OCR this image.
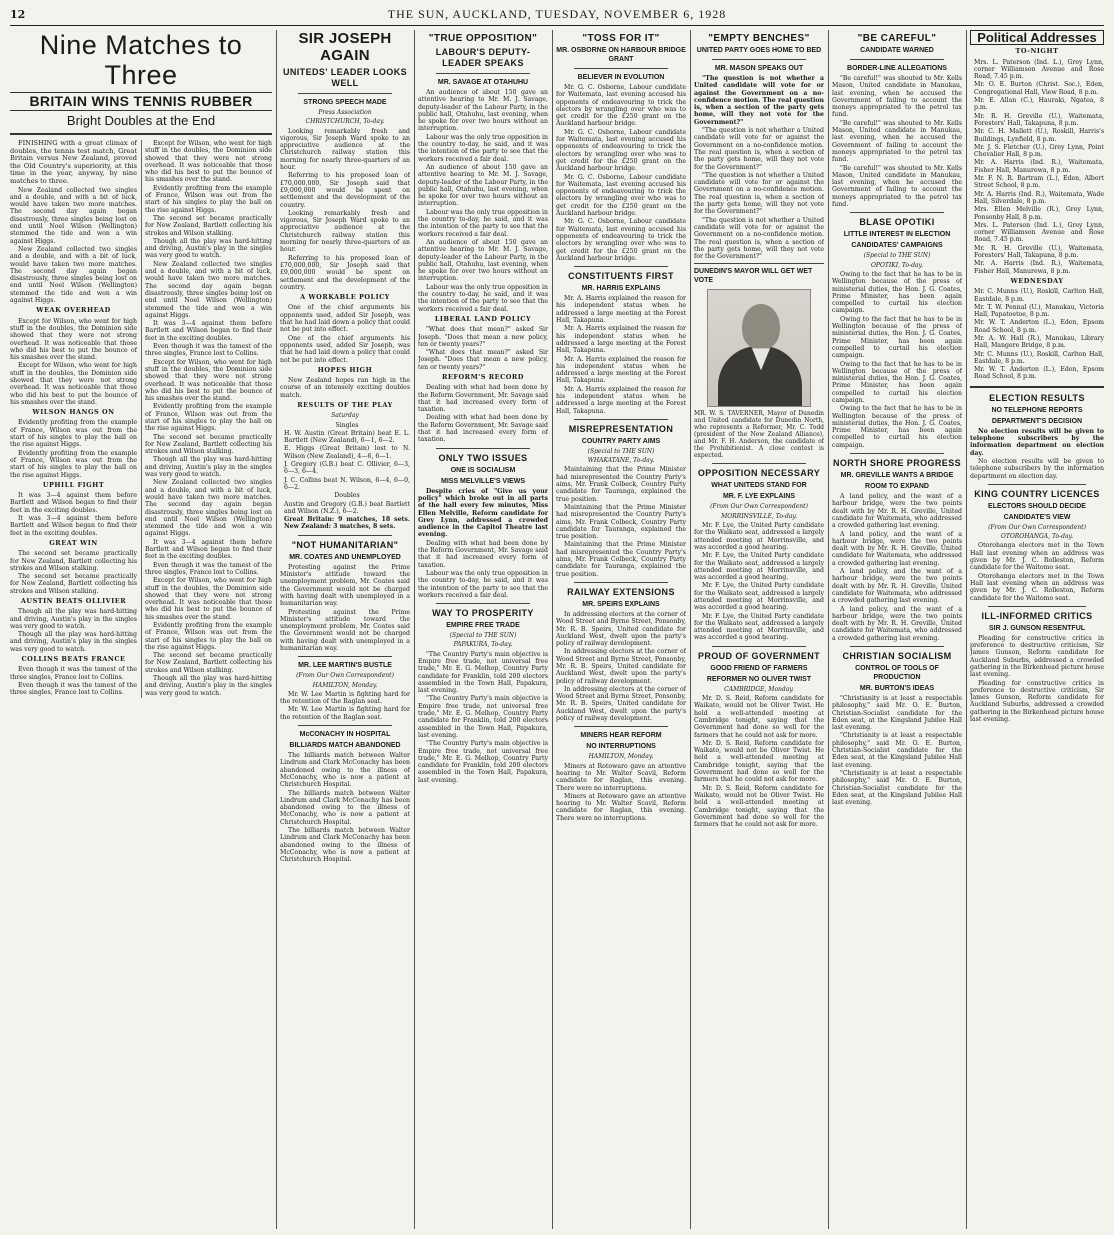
12	THE SUN, AUCKLAND, TUESDAY, NOVEMBER 6, 1928
Nine Matches to Three
BRITAIN WINS TENNIS RUBBER
Bright Doubles at the End

FINISHING with a great climax of doubles, the tennis test match, Great Britain versus New Zealand, proved the Old Country's superiority, at this time in the year, anyway, by nine matches to three.

New Zealand collected two singles and a double, and with a bit of luck, would have taken two more matches. The second day again began disastrously, three singles being lost on end until Noel Wilson (Wellington) stemmed the tide and won a win against Higgs.

New Zealand collected two singles and a double, and with a bit of luck, would have taken two more matches. The second day again began disastrously, three singles being lost on end until Noel Wilson (Wellington) stemmed the tide and won a win against Higgs.

WEAK OVERHEAD

Except for Wilson, who went for high stuff in the doubles, the Dominion side showed that they were not strong overhead. It was noticeable that those who did his best to put the bounce of his smashes over the stand.

Except for Wilson, who went for high stuff in the doubles, the Dominion side showed that they were not strong overhead. It was noticeable that those who did his best to put the bounce of his smashes over the stand.

WILSON HANGS ON

Evidently profiting from the example of France, Wilson was out from the start of his singles to play the ball on the rise against Higgs.

Evidently profiting from the example of France, Wilson was out from the start of his singles to play the ball on the rise against Higgs.

UPHILL FIGHT

It was 3—4 against them before Bartlett and Wilson began to find their feet in the exciting doubles.

It was 3—4 against them before Bartlett and Wilson began to find their feet in the exciting doubles.

GREAT WIN

The second set became practically for New Zealand, Bartlett collecting his strokes and Wilson stalking.

The second set became practically for New Zealand, Bartlett collecting his strokes and Wilson stalking.

AUSTIN BEATS OLLIVIER

Though all the play was hard-hitting and driving, Austin's play in the singles was very good to watch.

Though all the play was hard-hitting and driving, Austin's play in the singles was very good to watch.

COLLINS BEATS FRANCE

Even though it was the tamest of the three singles, France lost to Collins.

Even though it was the tamest of the three singles, France lost to Collins.

Except for Wilson, who went for high stuff in the doubles, the Dominion side showed that they were not strong overhead. It was noticeable that those who did his best to put the bounce of his smashes over the stand.

Evidently profiting from the example of France, Wilson was out from the start of his singles to play the ball on the rise against Higgs.

The second set became practically for New Zealand, Bartlett collecting his strokes and Wilson stalking.

Though all the play was hard-hitting and driving, Austin's play in the singles was very good to watch.

New Zealand collected two singles and a double, and with a bit of luck, would have taken two more matches. The second day again began disastrously, three singles being lost on end until Noel Wilson (Wellington) stemmed the tide and won a win against Higgs.

It was 3—4 against them before Bartlett and Wilson began to find their feet in the exciting doubles.

Even though it was the tamest of the three singles, France lost to Collins.

Except for Wilson, who went for high stuff in the doubles, the Dominion side showed that they were not strong overhead. It was noticeable that those who did his best to put the bounce of his smashes over the stand.

Evidently profiting from the example of France, Wilson was out from the start of his singles to play the ball on the rise against Higgs.

The second set became practically for New Zealand, Bartlett collecting his strokes and Wilson stalking.

Though all the play was hard-hitting and driving, Austin's play in the singles was very good to watch.

New Zealand collected two singles and a double, and with a bit of luck, would have taken two more matches. The second day again began disastrously, three singles being lost on end until Noel Wilson (Wellington) stemmed the tide and won a win against Higgs.

It was 3—4 against them before Bartlett and Wilson began to find their feet in the exciting doubles.

Even though it was the tamest of the three singles, France lost to Collins.

Except for Wilson, who went for high stuff in the doubles, the Dominion side showed that they were not strong overhead. It was noticeable that those who did his best to put the bounce of his smashes over the stand.

Evidently profiting from the example of France, Wilson was out from the start of his singles to play the ball on the rise against Higgs.

The second set became practically for New Zealand, Bartlett collecting his strokes and Wilson stalking.

Though all the play was hard-hitting and driving, Austin's play in the singles was very good to watch.

SIR JOSEPH AGAIN
UNITEDS' LEADER LOOKS WELL
STRONG SPEECH MADE
Press Association
CHRISTCHURCH, To-day.

Looking remarkably fresh and vigorous, Sir Joseph Ward spoke to an appreciative audience at the Christchurch railway station this morning for nearly three-quarters of an hour.

Referring to his proposed loan of £70,000,000, Sir Joseph said that £9,000,000 would be spent on settlement and the development of the country.

Looking remarkably fresh and vigorous, Sir Joseph Ward spoke to an appreciative audience at the Christchurch railway station this morning for nearly three-quarters of an hour.

Referring to his proposed loan of £70,000,000, Sir Joseph said that £9,000,000 would be spent on settlement and the development of the country.

A WORKABLE POLICY

One of the chief arguments his opponents used, added Sir Joseph, was that he had laid down a policy that could not be put into effect.

One of the chief arguments his opponents used, added Sir Joseph, was that he had laid down a policy that could not be put into effect.

HOPES HIGH

New Zealand hopes ran high in the course of an intensely exciting doubles match.

RESULTS OF THE PLAY
Saturday

Singles

H. W. Austin (Great Britain) beat E. L. Bartlett (New Zealand), 6—1, 6—2.

E. Higgs (Great Britain) lost to N. Wilson (New Zealand), 4—6, 6—1.

J. Gregory (G.B.) beat C. Ollivier, 6—3, 6—3, 6—4.

J. C. Collins beat N. Wilson, 6—4, 6—0, 6—2.

Doubles

Austin and Gregory (G.B.) beat Bartlett and Wilson (N.Z.), 6—2.

Great Britain: 9 matches, 18 sets. New Zealand: 3 matches, 8 sets.

"NOT HUMANITARIAN"
MR. COATES AND UNEMPLOYED

Protesting against the Prime Minister's attitude toward the unemployment problem, Mr. Coates said the Government would not be charged with having dealt with unemployed in a humanitarian way.

Protesting against the Prime Minister's attitude toward the unemployment problem, Mr. Coates said the Government would not be charged with having dealt with unemployed in a humanitarian way.

MR. LEE MARTIN'S BUSTLE
(From Our Own Correspondent)
HAMILTON, Monday.

Mr. W. Lee Martin is fighting hard for the retention of the Raglan seat.

Mr. W. Lee Martin is fighting hard for the retention of the Raglan seat.

McCONACHY IN HOSPITAL
BILLIARDS MATCH ABANDONED

The billiards match between Walter Lindrum and Clark McConachy has been abandoned owing to the illness of McConachy, who is now a patient at Christchurch Hospital.

The billiards match between Walter Lindrum and Clark McConachy has been abandoned owing to the illness of McConachy, who is now a patient at Christchurch Hospital.

The billiards match between Walter Lindrum and Clark McConachy has been abandoned owing to the illness of McConachy, who is now a patient at Christchurch Hospital.

"TRUE OPPOSITION"
LABOUR'S DEPUTY-LEADER SPEAKS
MR. SAVAGE AT OTAHUHU

An audience of about 150 gave an attentive hearing to Mr. M. J. Savage, deputy-leader of the Labour Party, in the public hall, Otahuhu, last evening, when he spoke for over two hours without an interruption.

Labour was the only true opposition in the country to-day, he said, and it was the intention of the party to see that the workers received a fair deal.

An audience of about 150 gave an attentive hearing to Mr. M. J. Savage, deputy-leader of the Labour Party, in the public hall, Otahuhu, last evening, when he spoke for over two hours without an interruption.

Labour was the only true opposition in the country to-day, he said, and it was the intention of the party to see that the workers received a fair deal.

An audience of about 150 gave an attentive hearing to Mr. M. J. Savage, deputy-leader of the Labour Party, in the public hall, Otahuhu, last evening, when he spoke for over two hours without an interruption.

Labour was the only true opposition in the country to-day, he said, and it was the intention of the party to see that the workers received a fair deal.

LIBERAL LAND POLICY

"What does that mean?" asked Sir Joseph. "Does that mean a new policy, ten or twenty years?"

"What does that mean?" asked Sir Joseph. "Does that mean a new policy, ten or twenty years?"

REFORM'S RECORD

Dealing with what had been done by the Reform Government, Mr. Savage said that it had increased every form of taxation.

Dealing with what had been done by the Reform Government, Mr. Savage said that it had increased every form of taxation.

ONLY TWO ISSUES
ONE IS SOCIALISM
MISS MELVILLE'S VIEWS

Despite cries of "Give us your policy" which broke out in all parts of the hall every few minutes, Miss Ellen Melville, Reform candidate for Grey Lynn, addressed a crowded audience in the Capitol Theatre last evening.

Dealing with what had been done by the Reform Government, Mr. Savage said that it had increased every form of taxation.

Labour was the only true opposition in the country to-day, he said, and it was the intention of the party to see that the workers received a fair deal.

WAY TO PROSPERITY
EMPIRE FREE TRADE
(Special to THE SUN)
PAPAKURA, To-day.

"The Country Party's main objective is Empire free trade, not universal free trade," Mr. E. G. Melhop, Country Party candidate for Franklin, told 200 electors assembled in the Town Hall, Papakura, last evening.

"The Country Party's main objective is Empire free trade, not universal free trade," Mr. E. G. Melhop, Country Party candidate for Franklin, told 200 electors assembled in the Town Hall, Papakura, last evening.

"The Country Party's main objective is Empire free trade, not universal free trade," Mr. E. G. Melhop, Country Party candidate for Franklin, told 200 electors assembled in the Town Hall, Papakura, last evening.

"TOSS FOR IT"
MR. OSBORNE ON HARBOUR BRIDGE GRANT
BELIEVER IN EVOLUTION

Mr. G. C. Osborne, Labour candidate for Waitemata, last evening accused his opponents of endeavouring to trick the electors by wrangling over who was to get credit for the £250 grant on the Auckland harbour bridge.

Mr. G. C. Osborne, Labour candidate for Waitemata, last evening accused his opponents of endeavouring to trick the electors by wrangling over who was to get credit for the £250 grant on the Auckland harbour bridge.

Mr. G. C. Osborne, Labour candidate for Waitemata, last evening accused his opponents of endeavouring to trick the electors by wrangling over who was to get credit for the £250 grant on the Auckland harbour bridge.

Mr. G. C. Osborne, Labour candidate for Waitemata, last evening accused his opponents of endeavouring to trick the electors by wrangling over who was to get credit for the £250 grant on the Auckland harbour bridge.

CONSTITUENTS FIRST
MR. HARRIS EXPLAINS

Mr. A. Harris explained the reason for his independent status when he addressed a large meeting at the Forest Hall, Takapuna.

Mr. A. Harris explained the reason for his independent status when he addressed a large meeting at the Forest Hall, Takapuna.

Mr. A. Harris explained the reason for his independent status when he addressed a large meeting at the Forest Hall, Takapuna.

Mr. A. Harris explained the reason for his independent status when he addressed a large meeting at the Forest Hall, Takapuna.

MISREPRESENTATION
COUNTRY PARTY AIMS
(Special to THE SUN)
WHAKATANE, To-day.

Maintaining that the Prime Minister had misrepresented the Country Party's aims, Mr. Frank Colbeck, Country Party candidate for Tauranga, explained the true position.

Maintaining that the Prime Minister had misrepresented the Country Party's aims, Mr. Frank Colbeck, Country Party candidate for Tauranga, explained the true position.

Maintaining that the Prime Minister had misrepresented the Country Party's aims, Mr. Frank Colbeck, Country Party candidate for Tauranga, explained the true position.

RAILWAY EXTENSIONS
MR. SPEIRS EXPLAINS

In addressing electors at the corner of Wood Street and Byrne Street, Ponsonby, Mr. R. B. Speirs, United candidate for Auckland West, dwelt upon the party's policy of railway development.

In addressing electors at the corner of Wood Street and Byrne Street, Ponsonby, Mr. R. B. Speirs, United candidate for Auckland West, dwelt upon the party's policy of railway development.

In addressing electors at the corner of Wood Street and Byrne Street, Ponsonby, Mr. R. B. Speirs, United candidate for Auckland West, dwelt upon the party's policy of railway development.

MINERS HEAR REFORM
NO INTERRUPTIONS
HAMILTON, Monday.

Miners at Rotowaro gave an attentive hearing to Mr. Walter Scavil, Reform candidate for Raglan, this evening. There were no interruptions.

Miners at Rotowaro gave an attentive hearing to Mr. Walter Scavil, Reform candidate for Raglan, this evening. There were no interruptions.

"EMPTY BENCHES"
UNITED PARTY GOES HOME TO BED
MR. MASON SPEAKS OUT

"The question is not whether a United candidate will vote for or against the Government on a no-confidence motion. The real question is, when a section of the party gets home, will they not vote for the Government?"

"The question is not whether a United candidate will vote for or against the Government on a no-confidence motion. The real question is, when a section of the party gets home, will they not vote for the Government?"

"The question is not whether a United candidate will vote for or against the Government on a no-confidence motion. The real question is, when a section of the party gets home, will they not vote for the Government?"

"The question is not whether a United candidate will vote for or against the Government on a no-confidence motion. The real question is, when a section of the party gets home, will they not vote for the Government?"

DUNEDIN'S MAYOR WILL GET WET VOTE
MR. W. S. TAVERNER, Mayor of Dunedin and United candidate for Dunedin North, who represents a Reformer, Mr. C. Todd (president of the New Zealand Alliance), and Mr. F. H. Anderson, the candidate of the Prohibitionist. A close contest is expected.
OPPOSITION NECESSARY
WHAT UNITEDS STAND FOR
MR. F. LYE EXPLAINS
(From Our Own Correspondent)
MORRINSVILLE, To-day.

Mr. F. Lye, the United Party candidate for the Waikato seat, addressed a largely attended meeting at Morrinsville, and was accorded a good hearing.

Mr. F. Lye, the United Party candidate for the Waikato seat, addressed a largely attended meeting at Morrinsville, and was accorded a good hearing.

Mr. F. Lye, the United Party candidate for the Waikato seat, addressed a largely attended meeting at Morrinsville, and was accorded a good hearing.

Mr. F. Lye, the United Party candidate for the Waikato seat, addressed a largely attended meeting at Morrinsville, and was accorded a good hearing.

PROUD OF GOVERNMENT
GOOD FRIEND OF FARMERS
REFORMER NO OLIVER TWIST
CAMBRIDGE, Monday.

Mr. D. S. Reid, Reform candidate for Waikato, would not be Oliver Twist. He held a well-attended meeting at Cambridge tonight, saying that the Government had done so well for the farmers that he could not ask for more.

Mr. D. S. Reid, Reform candidate for Waikato, would not be Oliver Twist. He held a well-attended meeting at Cambridge tonight, saying that the Government had done so well for the farmers that he could not ask for more.

Mr. D. S. Reid, Reform candidate for Waikato, would not be Oliver Twist. He held a well-attended meeting at Cambridge tonight, saying that the Government had done so well for the farmers that he could not ask for more.

"BE CAREFUL"
CANDIDATE WARNED
BORDER-LINE ALLEGATIONS

"Be careful!" was shouted to Mr. Kells Mason, United candidate in Manukau, last evening, when he accused the Government of failing to account the moneys appropriated to the petrol tax fund.

"Be careful!" was shouted to Mr. Kells Mason, United candidate in Manukau, last evening, when he accused the Government of failing to account the moneys appropriated to the petrol tax fund.

"Be careful!" was shouted to Mr. Kells Mason, United candidate in Manukau, last evening, when he accused the Government of failing to account the moneys appropriated to the petrol tax fund.

BLASE OPOTIKI
LITTLE INTEREST IN ELECTION
CANDIDATES' CAMPAIGNS
(Special to THE SUN)
OPOTIKI, To-day.

Owing to the fact that he has to be in Wellington because of the press of ministerial duties, the Hon. J. G. Coates, Prime Minister, has been again compelled to curtail his election campaign.

Owing to the fact that he has to be in Wellington because of the press of ministerial duties, the Hon. J. G. Coates, Prime Minister, has been again compelled to curtail his election campaign.

Owing to the fact that he has to be in Wellington because of the press of ministerial duties, the Hon. J. G. Coates, Prime Minister, has been again compelled to curtail his election campaign.

Owing to the fact that he has to be in Wellington because of the press of ministerial duties, the Hon. J. G. Coates, Prime Minister, has been again compelled to curtail his election campaign.

NORTH SHORE PROGRESS
MR. GREVILLE WANTS A BRIDGE
ROOM TO EXPAND

A land policy, and the want of a harbour bridge, were the two points dealt with by Mr. R. H. Greville, United candidate for Waitemata, who addressed a crowded gathering last evening.

A land policy, and the want of a harbour bridge, were the two points dealt with by Mr. R. H. Greville, United candidate for Waitemata, who addressed a crowded gathering last evening.

A land policy, and the want of a harbour bridge, were the two points dealt with by Mr. R. H. Greville, United candidate for Waitemata, who addressed a crowded gathering last evening.

A land policy, and the want of a harbour bridge, were the two points dealt with by Mr. R. H. Greville, United candidate for Waitemata, who addressed a crowded gathering last evening.

CHRISTIAN SOCIALISM
CONTROL OF TOOLS OF PRODUCTION
MR. BURTON'S IDEAS

"Christianity is at least a respectable philosophy," said Mr. O. E. Burton, Christian-Socialist candidate for the Eden seat, at the Kingsland Jubilee Hall last evening.

"Christianity is at least a respectable philosophy," said Mr. O. E. Burton, Christian-Socialist candidate for the Eden seat, at the Kingsland Jubilee Hall last evening.

"Christianity is at least a respectable philosophy," said Mr. O. E. Burton, Christian-Socialist candidate for the Eden seat, at the Kingsland Jubilee Hall last evening.

Political Addresses
TO-NIGHT

Mrs. L. Paterson (Ind. L.), Grey Lynn, corner Williamson Avenue and Rose Road, 7.45 p.m.

Mr. O. E. Burton (Christ. Soc.), Eden, Congregational Hall, View Road, 8 p.m.

Mr. E. Allan (C.), Hauraki, Ngatea, 8 p.m.

Mr. R. H. Greville (U.), Waitemata, Foresters' Hall, Takapuna, 8 p.m.

Mr. C. H. Mallett (U.), Roskill, Harris's Buildings, Lynfield, 8 p.m.

Mr. J. S. Fletcher (U.), Grey Lynn, Point Chevalier Hall, 8 p.m.

Mr. A. Harris (Ind. R.), Waitemata, Fisher Hall, Manurewa, 8 p.m.

Mr. F. N. R. Bartram (L.), Eden, Albert Street School, 8 p.m.

Mr. A. Harris (Ind. R.), Waitemata, Wade Hall, Silverdale, 8 p.m.

Mrs. Ellen Melville (R.), Grey Lynn, Ponsonby Hall, 8 p.m.

Mrs. L. Paterson (Ind. L.), Grey Lynn, corner Williamson Avenue and Rose Road, 7.45 p.m.

Mr. R. H. Greville (U.), Waitemata, Foresters' Hall, Takapuna, 8 p.m.

Mr. A. Harris (Ind. R.), Waitemata, Fisher Hall, Manurewa, 8 p.m.

WEDNESDAY

Mr. C. Munns (U.), Roskill, Carlton Hall, Eastdale, 8 p.m.

Mr. T. W. Pennal (U.), Manukau, Victoria Hall, Papatoetoe, 8 p.m.

Mr. W. T. Anderton (L.), Eden, Epsom Road School, 8 p.m.

Mr. A. W. Hall (R.), Manukau, Library Hall, Mangere Bridge, 8 p.m.

Mr. C. Munns (U.), Roskill, Carlton Hall, Eastdale, 8 p.m.

Mr. W. T. Anderton (L.), Eden, Epsom Road School, 8 p.m.

ELECTION RESULTS
NO TELEPHONE REPORTS
DEPARTMENT'S DECISION

No election results will be given to telephone subscribers by the information department on election day.

No election results will be given to telephone subscribers by the information department on election day.

KING COUNTRY LICENCES
ELECTORS SHOULD DECIDE
CANDIDATE'S VIEW
(From Our Own Correspondent)
OTOROHANGA, To-day.

Otorohanga electors met in the Town Hall last evening when an address was given by Mr. J. C. Rolleston, Reform candidate for the Waitomo seat.

Otorohanga electors met in the Town Hall last evening when an address was given by Mr. J. C. Rolleston, Reform candidate for the Waitomo seat.

ILL-INFORMED CRITICS
SIR J. GUNSON RESENTFUL

Pleading for constructive critics in preference to destructive criticism, Sir James Gunson, Reform candidate for Auckland Suburbs, addressed a crowded gathering in the Birkenhead picture house last evening.

Pleading for constructive critics in preference to destructive criticism, Sir James Gunson, Reform candidate for Auckland Suburbs, addressed a crowded gathering in the Birkenhead picture house last evening.
